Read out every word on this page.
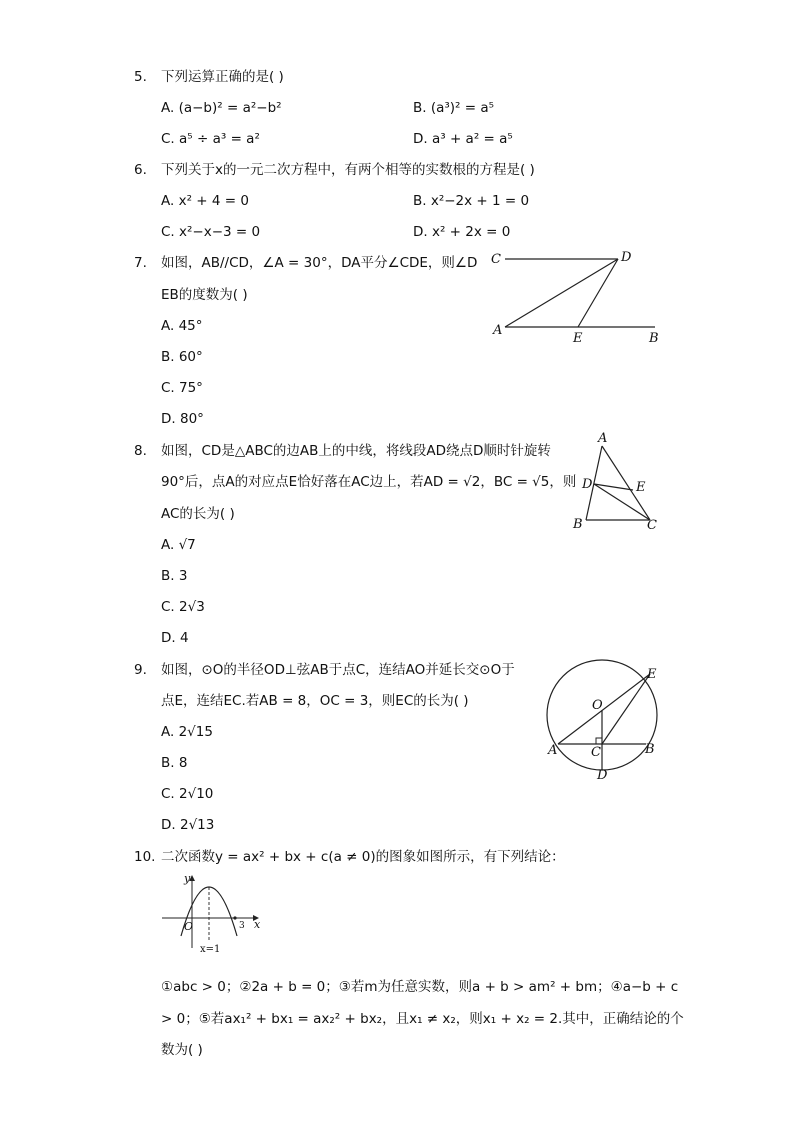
5. 下列运算正确的是( )
A. (a−b)² = a²−b²	B. (a³)² = a⁵
C. a⁵ ÷ a³ = a²	D. a³ + a² = a⁵
6. 下列关于x的一元二次方程中，有两个相等的实数根的方程是( )
A. x² + 4 = 0	B. x²−2x + 1 = 0
C. x²−x−3 = 0	D. x² + 2x = 0
7. 如图，AB//CD，∠A = 30°，DA平分∠CDE，则∠D
EB的度数为( )
A. 45°
B. 60°
C. 75°
D. 80°
C	D
A
E	B
8. 如图，CD是△ABC的边AB上的中线，将线段AD绕点D顺时针旋转
90°后，点A的对应点E恰好落在AC边上，若AD = √2，BC = √5，则
AC的长为( )
A. √7
B. 3
C. 2√3
D. 4
A
D	E
B	C
9. 如图，⊙O的半径OD⊥弦AB于点C，连结AO并延长交⊙O于
点E，连结EC.若AB = 8，OC = 3，则EC的长为( )
A. 2√15
B. 8
C. 2√10
D. 2√13
O
E
A	C	B
D
10. 二次函数y = ax² + bx + c(a ≠ 0)的图象如图所示，有下列结论：
y
x
O	3
x=1
①abc > 0；②2a + b = 0；③若m为任意实数，则a + b > am² + bm；④a−b + c
> 0；⑤若ax₁² + bx₁ = ax₂² + bx₂，且x₁ ≠ x₂，则x₁ + x₂ = 2.其中，正确结论的个
数为( )
